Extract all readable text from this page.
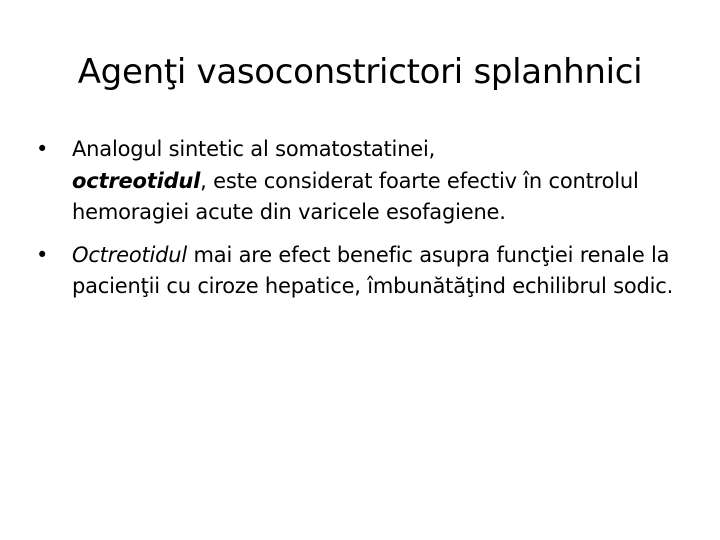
Agenţi vasoconstrictori splanhnici
• Analogul sintetic al somatostatinei,
octreotidul, este considerat foarte efectiv în controlul hemoragiei acute din varicele esofagiene.
• Octreotidul mai are efect benefic asupra funcţiei renale la pacienţii cu ciroze hepatice, îmbunătăţind echilibrul sodic.
